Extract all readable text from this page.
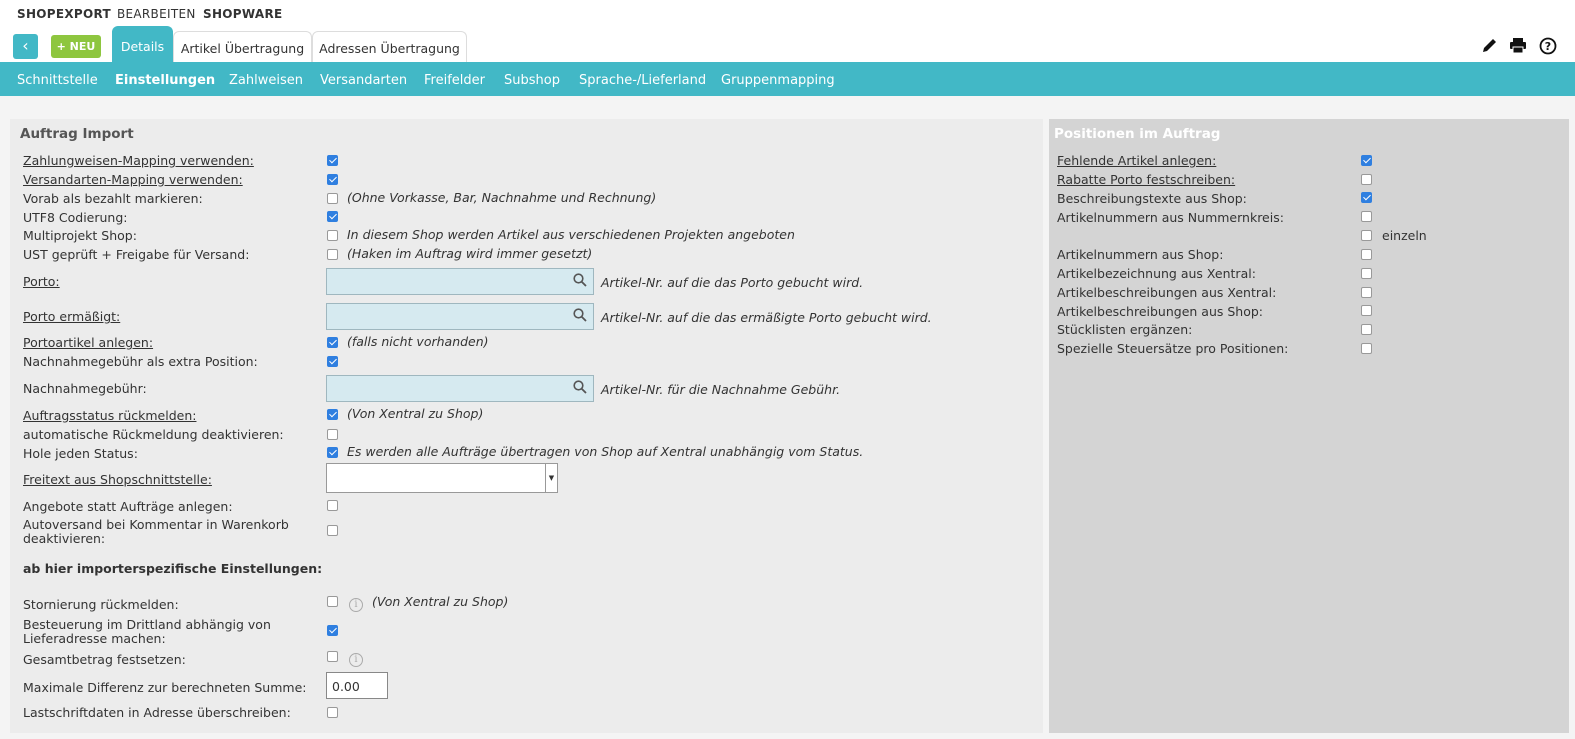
SHOPEXPORT BEARBEITEN SHOPWARE
‹	+ NEU	Details	Artikel Übertragung	Adressen Übertragung	?
Schnittstelle Einstellungen Zahlweisen Versandarten Freifelder Subshop Sprache-/Lieferland Gruppenmapping
Auftrag Import
Zahlungweisen-Mapping verwenden:
Versandarten-Mapping verwenden:
Vorab als bezahlt markieren:	(Ohne Vorkasse, Bar, Nachnahme und Rechnung)
UTF8 Codierung:
Multiprojekt Shop:	In diesem Shop werden Artikel aus verschiedenen Projekten angeboten
UST geprüft + Freigabe für Versand:	(Haken im Auftrag wird immer gesetzt)
Porto:	Artikel-Nr. auf die das Porto gebucht wird.
Porto ermäßigt:	Artikel-Nr. auf die das ermäßigte Porto gebucht wird.
Portoartikel anlegen:	(falls nicht vorhanden)
Nachnahmegebühr als extra Position:
Nachnahmegebühr:	Artikel-Nr. für die Nachnahme Gebühr.
Auftragsstatus rückmelden:	(Von Xentral zu Shop)
automatische Rückmeldung deaktivieren:
Hole jeden Status:	Es werden alle Aufträge übertragen von Shop auf Xentral unabhängig vom Status.
Freitext aus Shopschnittstelle:	▼
Angebote statt Aufträge anlegen:
Autoversand bei Kommentar in Warenkorb
deaktivieren:
ab hier importerspezifische Einstellungen:
Stornierung rückmelden:	i	(Von Xentral zu Shop)
Besteuerung im Drittland abhängig von
Lieferadresse machen:
Gesamtbetrag festsetzen:	i
Maximale Differenz zur berechneten Summe:	0.00
Lastschriftdaten in Adresse überschreiben:
Positionen im Auftrag
Fehlende Artikel anlegen:
Rabatte Porto festschreiben:
Beschreibungstexte aus Shop:
Artikelnummern aus Nummernkreis:
einzeln
Artikelnummern aus Shop:
Artikelbezeichnung aus Xentral:
Artikelbeschreibungen aus Xentral:
Artikelbeschreibungen aus Shop:
Stücklisten ergänzen:
Spezielle Steuersätze pro Positionen:
